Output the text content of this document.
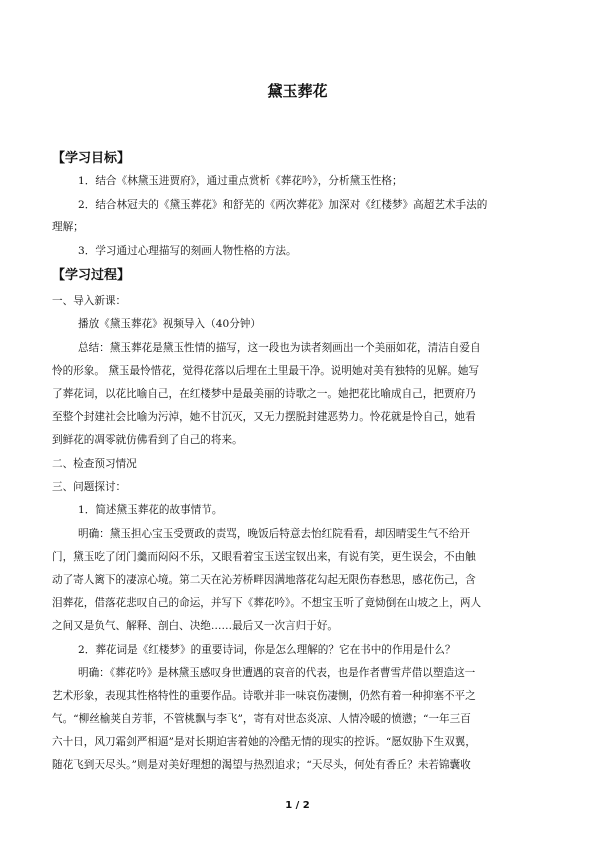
黛玉葬花
【学习目标】
1．结合《林黛玉进贾府》，通过重点赏析《葬花吟》，分析黛玉性格；
2．结合林冠夫的《黛玉葬花》和舒芜的《两次葬花》加深对《红楼梦》高超艺术手法的
理解；
3．学习通过心理描写的刻画人物性格的方法。
【学习过程】
一、导入新课：
播放《黛玉葬花》视频导入（40分钟）
总结：黛玉葬花是黛玉性情的描写，这一段也为读者刻画出一个美丽如花，清洁自爱自
怜的形象。 黛玉最怜惜花，觉得花落以后埋在土里最干净。说明她对美有独特的见解。她写
了葬花词，以花比喻自己，在红楼梦中是最美丽的诗歌之一。她把花比喻成自己，把贾府乃
至整个封建社会比喻为污淖，她不甘沉灭，又无力摆脱封建恶势力。怜花就是怜自己，她看
到鲜花的凋零就仿佛看到了自己的将来。
二、检查预习情况
三、问题探讨：
1．简述黛玉葬花的故事情节。
明确：黛玉担心宝玉受贾政的责骂，晚饭后特意去怡红院看看，却因晴雯生气不给开
门，黛玉吃了闭门羹而闷闷不乐，又眼看着宝玉送宝钗出来，有说有笑，更生误会，不由触
动了寄人篱下的凄凉心境。第二天在沁芳桥畔因满地落花勾起无限伤春愁思，感花伤己，含
泪葬花，借落花悲叹自己的命运，并写下《葬花吟》。不想宝玉听了竟恸倒在山坡之上，两人
之间又是负气、解释、剖白、决绝……最后又一次言归于好。
2．葬花词是《红楼梦》的重要诗词，你是怎么理解的？它在书中的作用是什么？
明确：《葬花吟》是林黛玉感叹身世遭遇的哀音的代表，也是作者曹雪芹借以塑造这一
艺术形象，表现其性格特性的重要作品。诗歌并非一味哀伤凄恻，仍然有着一种抑塞不平之
气。“柳丝榆荚自芳菲，不管桃飘与李飞”，寄有对世态炎凉、人情冷暖的愤懑；“一年三百
六十日，风刀霜剑严相逼”是对长期迫害着她的冷酷无情的现实的控诉。“愿奴胁下生双翼，
随花飞到天尽头。”则是对美好理想的渴望与热烈追求；“天尽头，何处有香丘？未若锦囊收
1 / 2
